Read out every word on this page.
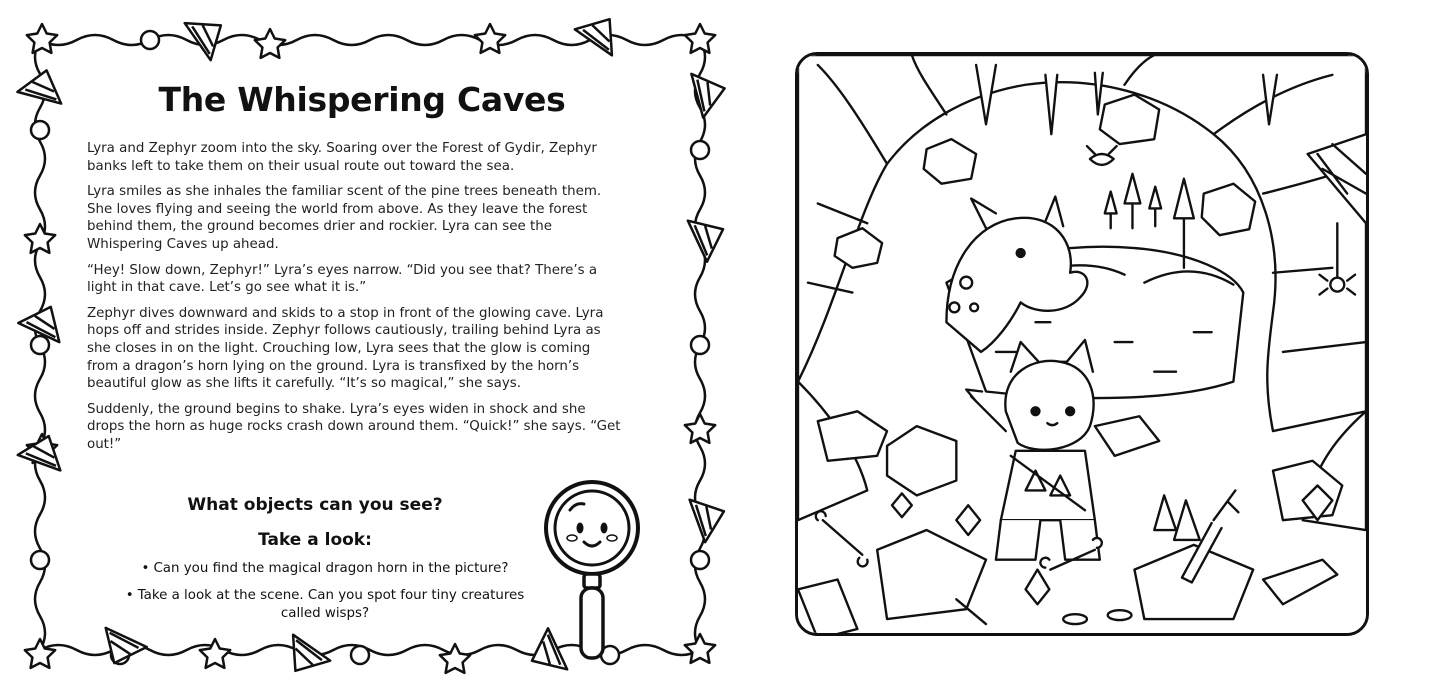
The Whispering Caves

Lyra and Zephyr zoom into the sky. Soaring over the Forest of Gydir, Zephyr banks left to take them on their usual route out toward the sea.

Lyra smiles as she inhales the familiar scent of the pine trees beneath them. She loves flying and seeing the world from above. As they leave the forest behind them, the ground becomes drier and rockier. Lyra can see the Whispering Caves up ahead.

“Hey! Slow down, Zephyr!” Lyra’s eyes narrow. “Did you see that? There’s a light in that cave. Let’s go see what it is.”

Zephyr dives downward and skids to a stop in front of the glowing cave. Lyra hops off and strides inside. Zephyr follows cautiously, trailing behind Lyra as she closes in on the light. Crouching low, Lyra sees that the glow is coming from a dragon’s horn lying on the ground. Lyra is transfixed by the horn’s beautiful glow as she lifts it carefully. “It’s so magical,” she says.

Suddenly, the ground begins to shake. Lyra’s eyes widen in shock and she drops the horn as huge rocks crash down around them. “Quick!” she says. “Get out!”

What objects can you see?
Take a look:
• Can you find the magical dragon horn in the picture?
• Take a look at the scene. Can you spot four tiny creatures called wisps?
